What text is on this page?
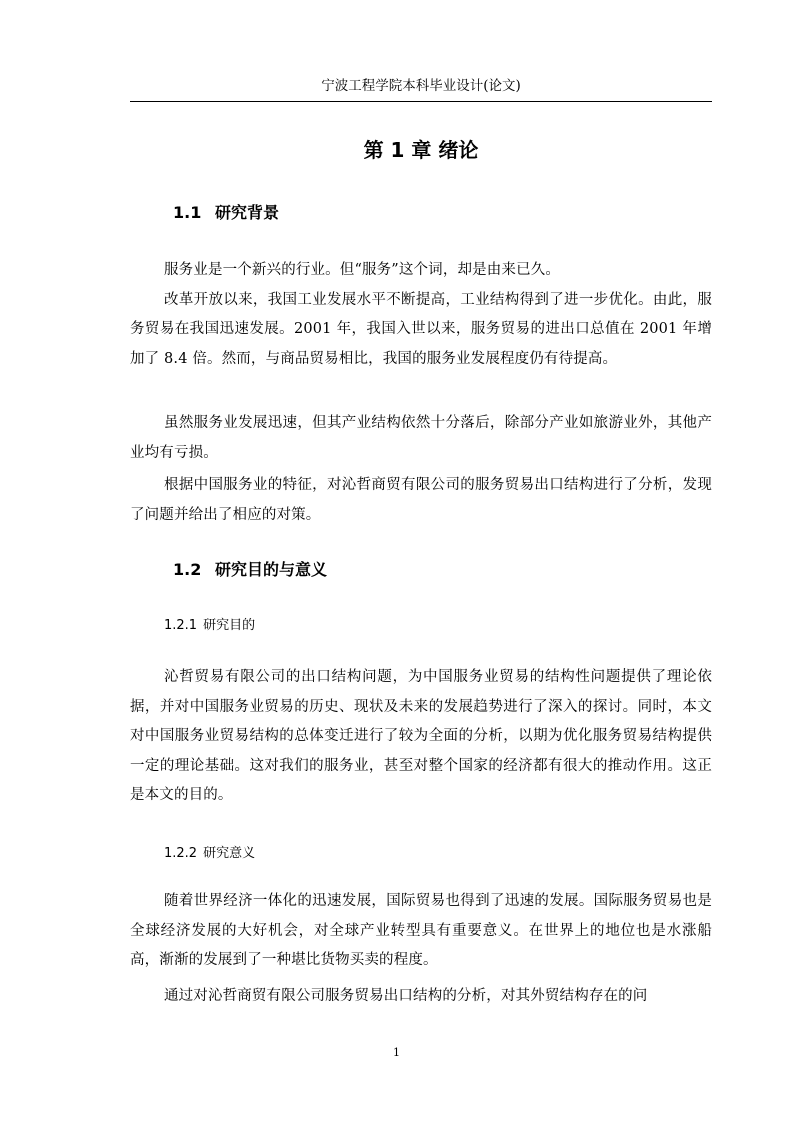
宁波工程学院本科毕业设计(论文)
第 1 章 绪论
1.1 研究背景

服务业是一个新兴的行业。但“服务”这个词，却是由来已久。

改革开放以来，我国工业发展水平不断提高，工业结构得到了进一步优化。由此，服务贸易在我国迅速发展。2001 年，我国入世以来，服务贸易的进出口总值在 2001 年增加了 8.4 倍。然而，与商品贸易相比，我国的服务业发展程度仍有待提高。

虽然服务业发展迅速，但其产业结构依然十分落后，除部分产业如旅游业外，其他产业均有亏损。

根据中国服务业的特征，对沁哲商贸有限公司的服务贸易出口结构进行了分析，发现了问题并给出了相应的对策。

1.2 研究目的与意义
1.2.1 研究目的

沁哲贸易有限公司的出口结构问题，为中国服务业贸易的结构性问题提供了理论依据，并对中国服务业贸易的历史、现状及未来的发展趋势进行了深入的探讨。同时，本文对中国服务业贸易结构的总体变迁进行了较为全面的分析，以期为优化服务贸易结构提供一定的理论基础。这对我们的服务业，甚至对整个国家的经济都有很大的推动作用。这正是本文的目的。

1.2.2 研究意义

随着世界经济一体化的迅速发展，国际贸易也得到了迅速的发展。国际服务贸易也是全球经济发展的大好机会，对全球产业转型具有重要意义。在世界上的地位也是水涨船高，渐渐的发展到了一种堪比货物买卖的程度。

通过对沁哲商贸有限公司服务贸易出口结构的分析，对其外贸结构存在的问

1
